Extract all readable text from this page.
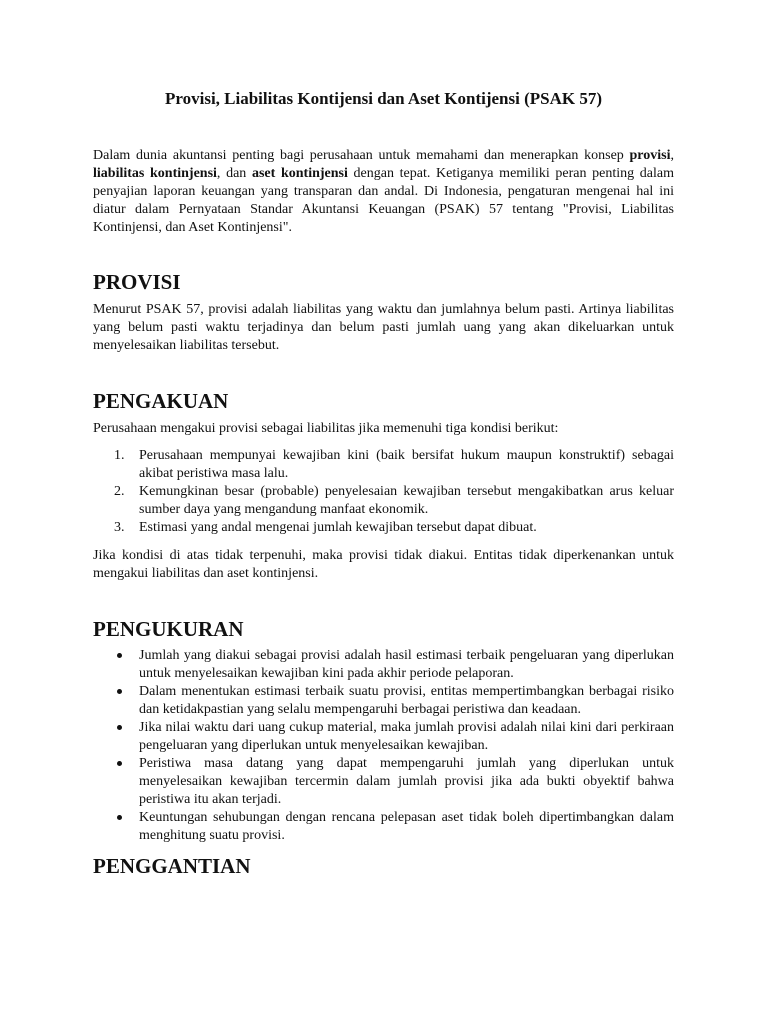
Provisi, Liabilitas Kontijensi dan Aset Kontijensi (PSAK 57)

Dalam dunia akuntansi penting bagi perusahaan untuk memahami dan menerapkan konsep provisi, liabilitas kontinjensi, dan aset kontinjensi dengan tepat. Ketiganya memiliki peran penting dalam penyajian laporan keuangan yang transparan dan andal. Di Indonesia, pengaturan mengenai hal ini diatur dalam Pernyataan Standar Akuntansi Keuangan (PSAK) 57 tentang "Provisi, Liabilitas Kontinjensi, dan Aset Kontinjensi".

PROVISI

Menurut PSAK 57, provisi adalah liabilitas yang waktu dan jumlahnya belum pasti. Artinya liabilitas yang belum pasti waktu terjadinya dan belum pasti jumlah uang yang akan dikeluarkan untuk menyelesaikan liabilitas tersebut.

PENGAKUAN

Perusahaan mengakui provisi sebagai liabilitas jika memenuhi tiga kondisi berikut:

1.	Perusahaan mempunyai kewajiban kini (baik bersifat hukum maupun konstruktif) sebagai akibat peristiwa masa lalu.
2.	Kemungkinan besar (probable) penyelesaian kewajiban tersebut mengakibatkan arus keluar sumber daya yang mengandung manfaat ekonomik.
3.	Estimasi yang andal mengenai jumlah kewajiban tersebut dapat dibuat.

Jika kondisi di atas tidak terpenuhi, maka provisi tidak diakui. Entitas tidak diperkenankan untuk mengakui liabilitas dan aset kontinjensi.

PENGUKURAN
Jumlah yang diakui sebagai provisi adalah hasil estimasi terbaik pengeluaran yang diperlukan untuk menyelesaikan kewajiban kini pada akhir periode pelaporan.
Dalam menentukan estimasi terbaik suatu provisi, entitas mempertimbangkan berbagai risiko dan ketidakpastian yang selalu mempengaruhi berbagai peristiwa dan keadaan.
Jika nilai waktu dari uang cukup material, maka jumlah provisi adalah nilai kini dari perkiraan pengeluaran yang diperlukan untuk menyelesaikan kewajiban.
Peristiwa masa datang yang dapat mempengaruhi jumlah yang diperlukan untuk menyelesaikan kewajiban tercermin dalam jumlah provisi jika ada bukti obyektif bahwa peristiwa itu akan terjadi.
Keuntungan sehubungan dengan rencana pelepasan aset tidak boleh dipertimbangkan dalam menghitung suatu provisi.
PENGGANTIAN
